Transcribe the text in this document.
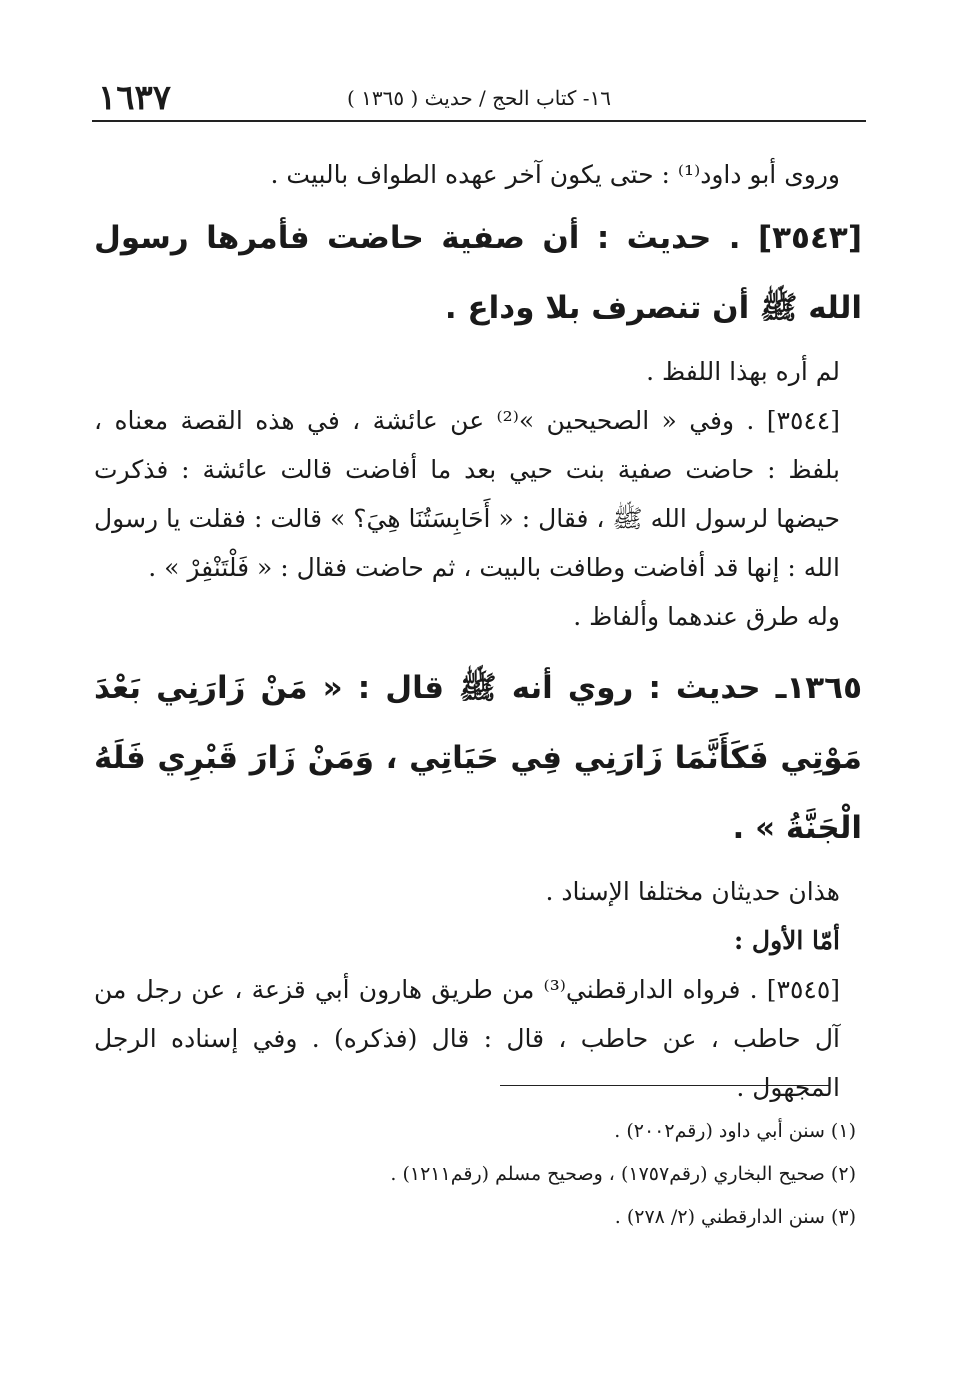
١٦٣٧	١٦- كتاب الحج / حديث ( ١٣٦٥ )

وروى أبو داود⁽¹⁾ : حتى يكون آخر عهده الطواف بالبيت .

[٣٥٤٣] . حديث : أن صفية حاضت فأمرها رسول الله ﷺ أن تنصرف بلا وداع .

لم أره بهذا اللفظ .

[٣٥٤٤] . وفي « الصحيحين »⁽²⁾ عن عائشة ، في هذه القصة معناه ، بلفظ : حاضت صفية بنت حيي بعد ما أفاضت قالت عائشة : فذكرت حيضها لرسول الله ﷺ ، فقال : « أَحَابِسَتُنَا هِيَ؟ » قالت : فقلت يا رسول الله : إنها قد أفاضت وطافت بالبيت ، ثم حاضت فقال : « فَلْتَنْفِرْ » .

وله طرق عندهما وألفاظ .

١٣٦٥ـ حديث : روي أنه ﷺ قال : « مَنْ زَارَنِي بَعْدَ مَوْتِي فَكَأَنَّمَا زَارَنِي فِي حَيَاتِي ، وَمَنْ زَارَ قَبْرِي فَلَهُ الْجَنَّةُ » .

هذان حديثان مختلفا الإسناد .

أمّا الأول :

[٣٥٤٥] . فرواه الدارقطني⁽³⁾ من طريق هارون أبي قزعة ، عن رجل من آل حاطب ، عن حاطب ، قال : قال (فذكره) . وفي إسناده الرجل المجهول .

(١) سنن أبي داود (رقم٢٠٠٢) .

(٢) صحيح البخاري (رقم١٧٥٧) ، وصحيح مسلم (رقم١٢١١) .

(٣) سنن الدارقطني (٢/ ٢٧٨) .
